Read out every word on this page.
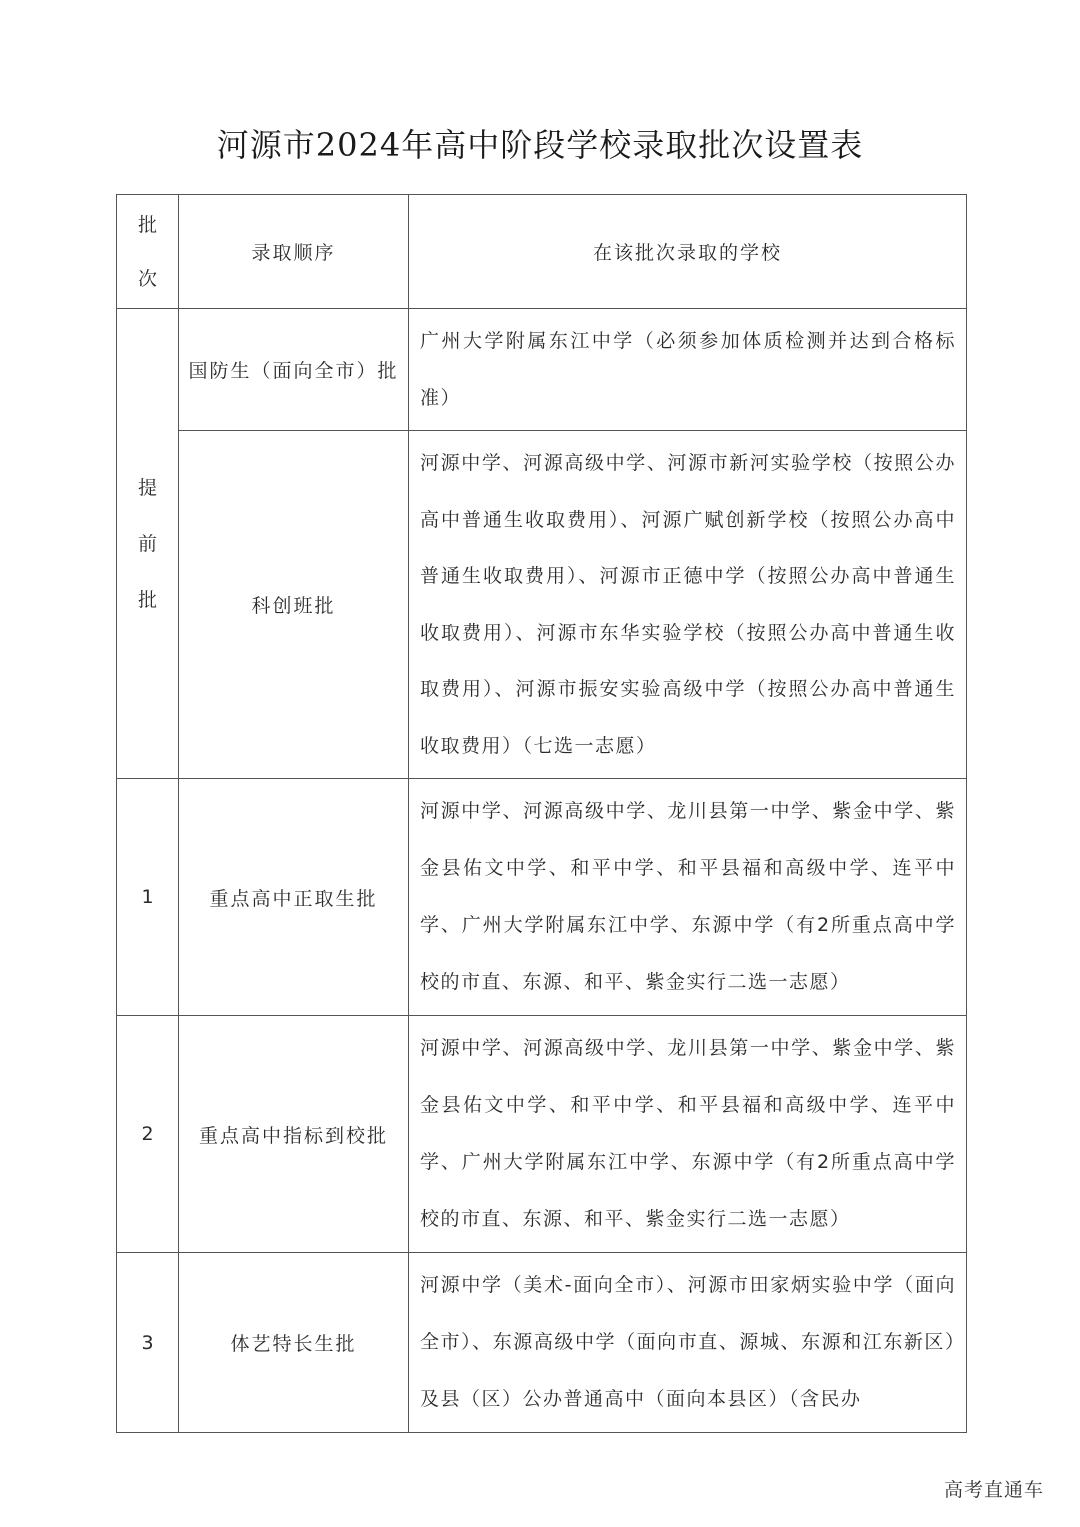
河源市2024年高中阶段学校录取批次设置表
批
次	录取顺序	在该批次录取的学校

提
前
批	国防生（面向全市）批	广州大学附属东江中学（必须参加体质检测并达到合格标准）
	科创班批	河源中学、河源高级中学、河源市新河实验学校（按照公办高中普通生收取费用）、河源广赋创新学校（按照公办高中普通生收取费用）、河源市正德中学（按照公办高中普通生收取费用）、河源市东华实验学校（按照公办高中普通生收取费用）、河源市振安实验高级中学（按照公办高中普通生收取费用）（七选一志愿）
1	重点高中正取生批	河源中学、河源高级中学、龙川县第一中学、紫金中学、紫金县佑文中学、和平中学、和平县福和高级中学、连平中学、广州大学附属东江中学、东源中学（有2所重点高中学校的市直、东源、和平、紫金实行二选一志愿）
2	重点高中指标到校批	河源中学、河源高级中学、龙川县第一中学、紫金中学、紫金县佑文中学、和平中学、和平县福和高级中学、连平中学、广州大学附属东江中学、东源中学（有2所重点高中学校的市直、东源、和平、紫金实行二选一志愿）
3	体艺特长生批	河源中学（美术-面向全市）、河源市田家炳实验中学（面向全市）、东源高级中学（面向市直、源城、东源和江东新区）及县（区）公办普通高中（面向本县区）（含民办
高考直通车
